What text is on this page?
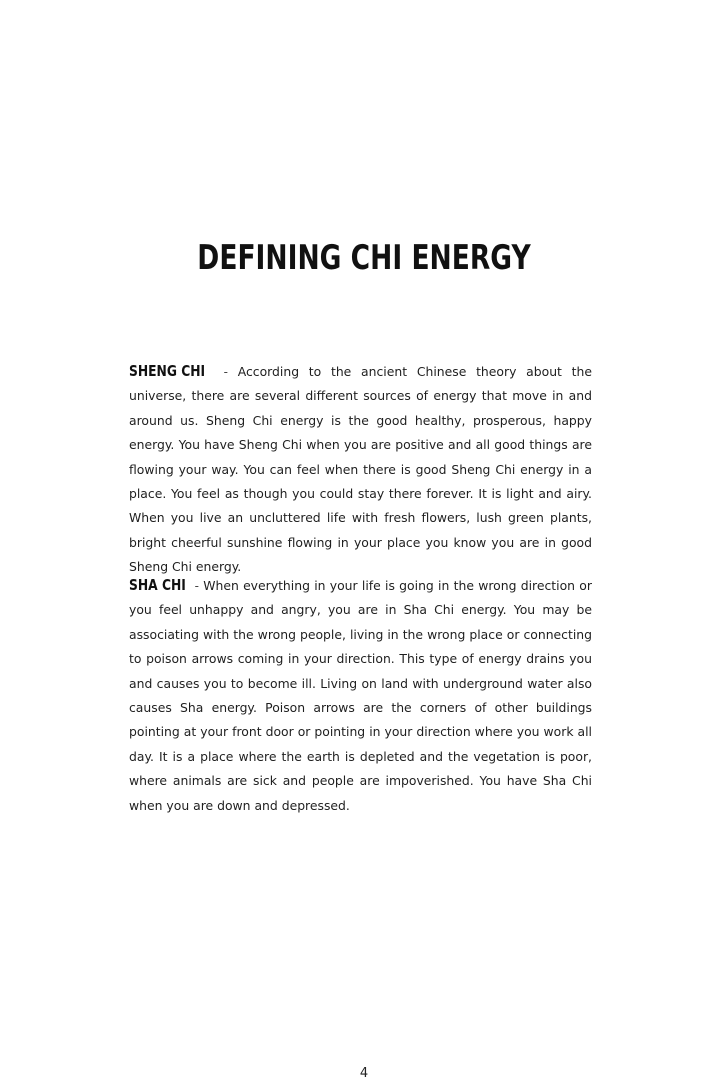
DEFINING CHI ENERGY

SHENG CHI - According to the ancient Chinese theory about the universe, there are several different sources of energy that move in and around us. Sheng Chi energy is the good healthy, prosperous, happy energy. You have Sheng Chi when you are positive and all good things are flowing your way. You can feel when there is good Sheng Chi energy in a place. You feel as though you could stay there forever. It is light and airy. When you live an uncluttered life with fresh flowers, lush green plants, bright cheerful sunshine flowing in your place you know you are in good Sheng Chi energy.

SHA CHI - When everything in your life is going in the wrong direction or you feel unhappy and angry, you are in Sha Chi energy. You may be associating with the wrong people, living in the wrong place or connecting to poison arrows coming in your direction. This type of energy drains you and causes you to become ill. Living on land with underground water also causes Sha energy. Poison arrows are the corners of other buildings pointing at your front door or pointing in your direction where you work all day. It is a place where the earth is depleted and the vegetation is poor, where animals are sick and people are impoverished. You have Sha Chi when you are down and depressed.

4
